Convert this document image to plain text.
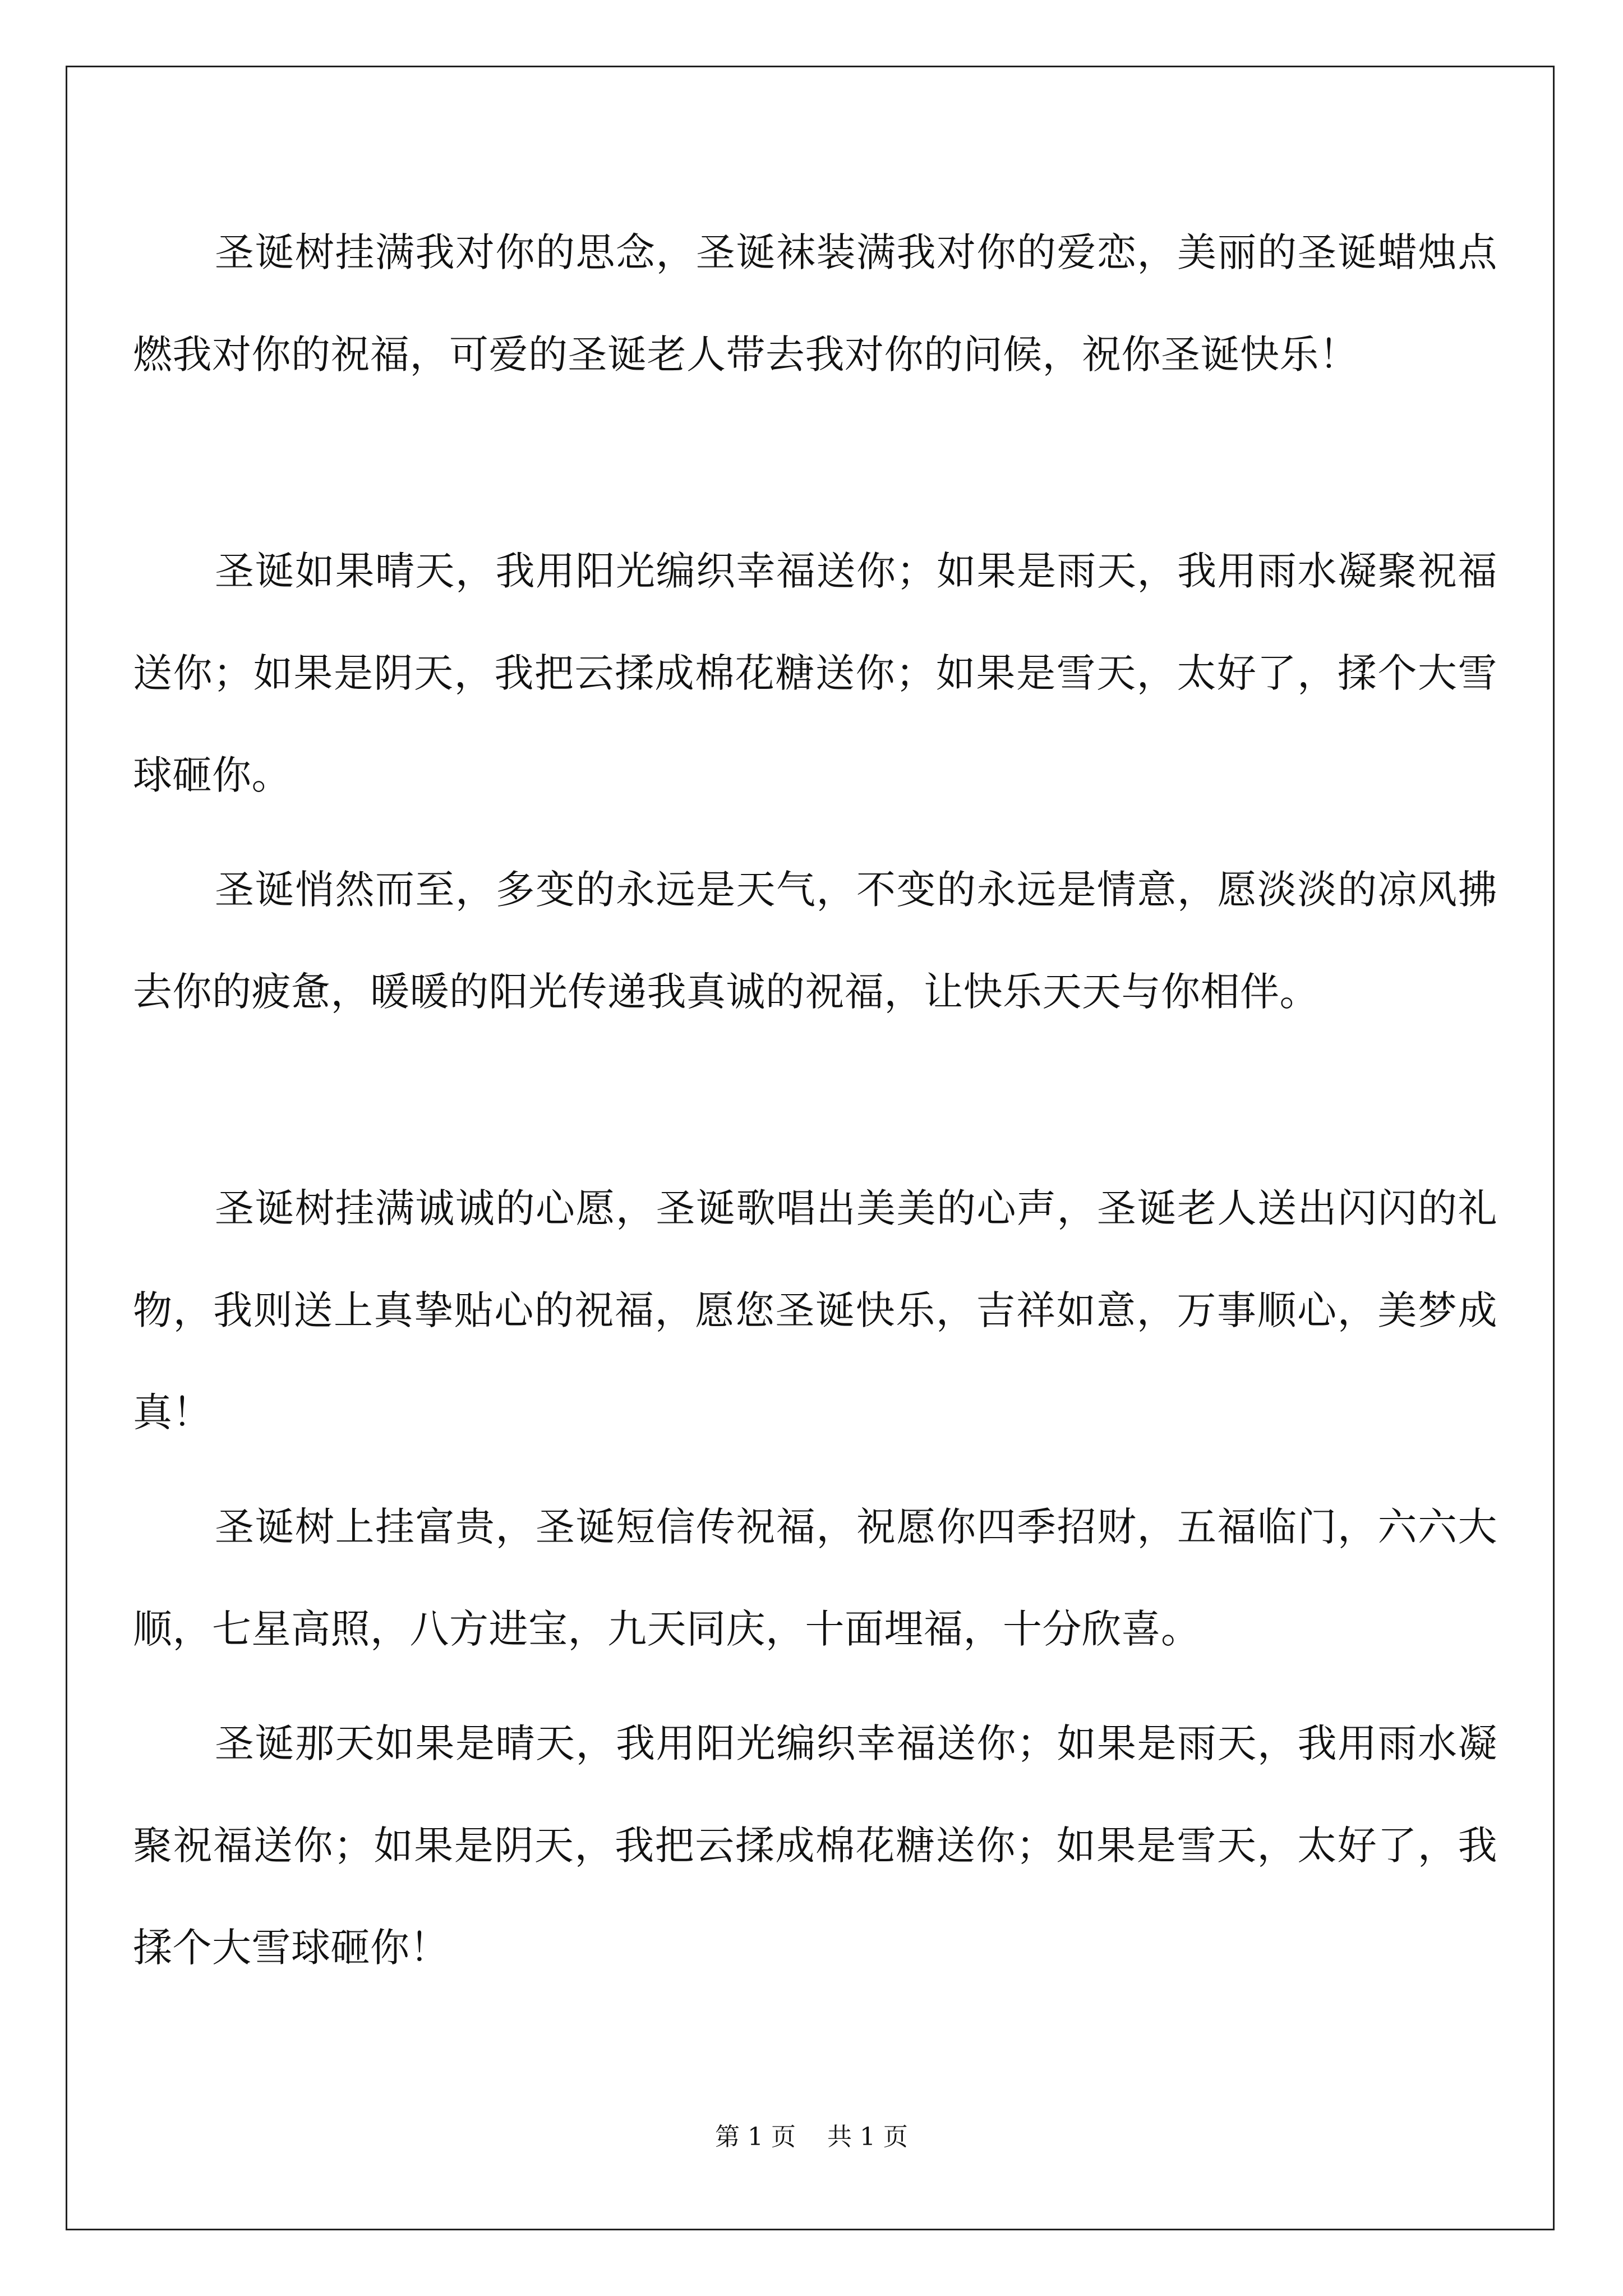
圣诞树挂满我对你的思念，圣诞袜装满我对你的爱恋，美丽的圣诞蜡烛点燃我对你的祝福，可爱的圣诞老人带去我对你的问候，祝你圣诞快乐！

圣诞如果晴天，我用阳光编织幸福送你；如果是雨天，我用雨水凝聚祝福送你；如果是阴天，我把云揉成棉花糖送你；如果是雪天，太好了，揉个大雪球砸你。

圣诞悄然而至，多变的永远是天气，不变的永远是情意，愿淡淡的凉风拂去你的疲惫，暖暖的阳光传递我真诚的祝福，让快乐天天与你相伴。

圣诞树挂满诚诚的心愿，圣诞歌唱出美美的心声，圣诞老人送出闪闪的礼物，我则送上真挚贴心的祝福，愿您圣诞快乐，吉祥如意，万事顺心，美梦成真！

圣诞树上挂富贵，圣诞短信传祝福，祝愿你四季招财，五福临门，六六大顺，七星高照，八方进宝，九天同庆，十面埋福，十分欣喜。

圣诞那天如果是晴天，我用阳光编织幸福送你；如果是雨天，我用雨水凝聚祝福送你；如果是阴天，我把云揉成棉花糖送你；如果是雪天，太好了，我揉个大雪球砸你！

第 1 页    共 1 页
